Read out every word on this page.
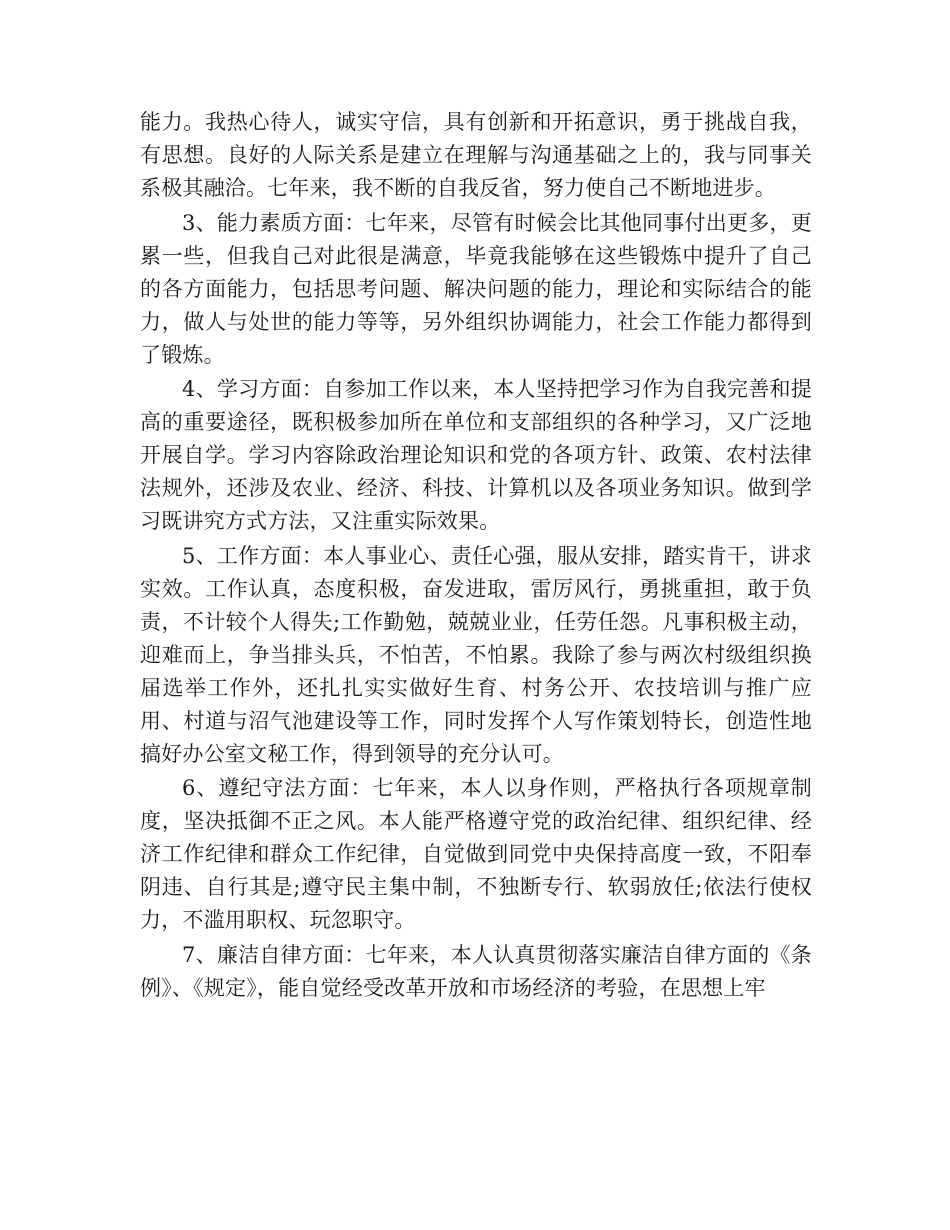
能力。我热心待人，诚实守信，具有创新和开拓意识，勇于挑战自我，有思想。良好的人际关系是建立在理解与沟通基础之上的，我与同事关系极其融洽。七年来，我不断的自我反省，努力使自己不断地进步。

3、能力素质方面：七年来，尽管有时候会比其他同事付出更多，更累一些，但我自己对此很是满意，毕竟我能够在这些锻炼中提升了自己的各方面能力，包括思考问题、解决问题的能力，理论和实际结合的能力，做人与处世的能力等等，另外组织协调能力，社会工作能力都得到了锻炼。

4、学习方面：自参加工作以来，本人坚持把学习作为自我完善和提高的重要途径，既积极参加所在单位和支部组织的各种学习，又广泛地开展自学。学习内容除政治理论知识和党的各项方针、政策、农村法律法规外，还涉及农业、经济、科技、计算机以及各项业务知识。做到学习既讲究方式方法，又注重实际效果。

5、工作方面：本人事业心、责任心强，服从安排，踏实肯干，讲求实效。工作认真，态度积极，奋发进取，雷厉风行，勇挑重担，敢于负责，不计较个人得失;工作勤勉，兢兢业业，任劳任怨。凡事积极主动，迎难而上，争当排头兵，不怕苦，不怕累。我除了参与两次村级组织换届选举工作外，还扎扎实实做好生育、村务公开、农技培训与推广应用、村道与沼气池建设等工作，同时发挥个人写作策划特长，创造性地搞好办公室文秘工作，得到领导的充分认可。

6、遵纪守法方面：七年来，本人以身作则，严格执行各项规章制度，坚决抵御不正之风。本人能严格遵守党的政治纪律、组织纪律、经济工作纪律和群众工作纪律，自觉做到同党中央保持高度一致，不阳奉阴违、自行其是;遵守民主集中制，不独断专行、软弱放任;依法行使权力，不滥用职权、玩忽职守。

7、廉洁自律方面：七年来，本人认真贯彻落实廉洁自律方面的《条例》、《规定》，能自觉经受改革开放和市场经济的考验，在思想上牢
